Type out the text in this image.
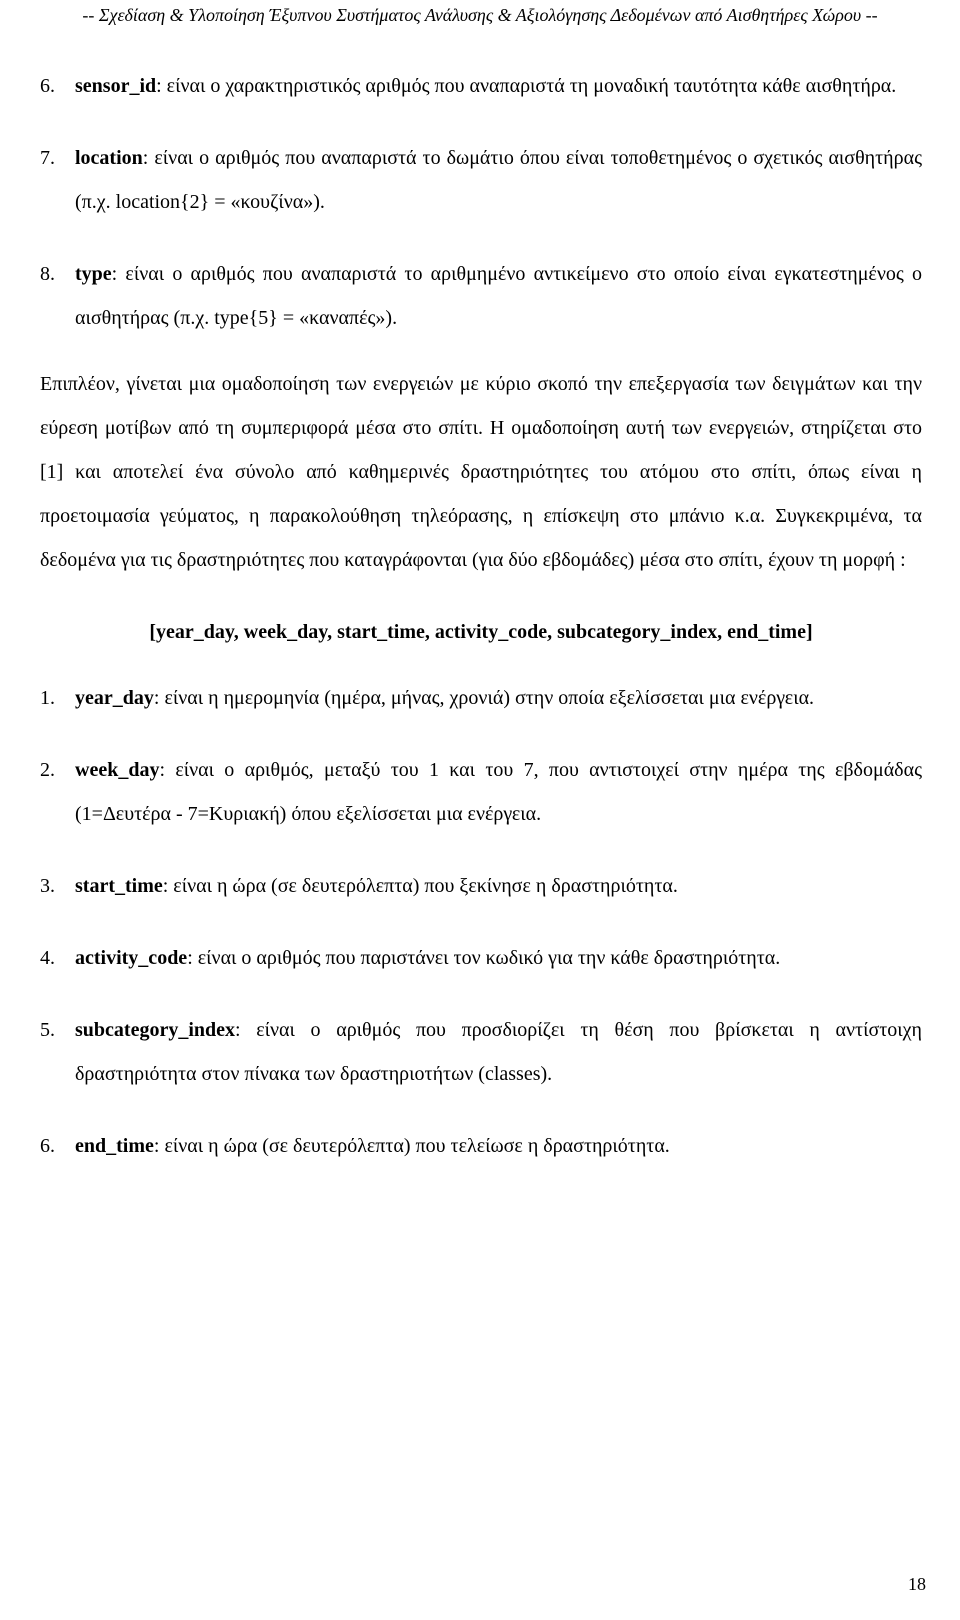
-- Σχεδίαση & Υλοποίηση Έξυπνου Συστήματος Ανάλυσης & Αξιολόγησης Δεδομένων από Αισθητήρες Χώρου --
6.	sensor_id: είναι ο χαρακτηριστικός αριθμός που αναπαριστά τη μοναδική ταυτότητα κάθε αισθητήρα.
7.	location: είναι ο αριθμός που αναπαριστά το δωμάτιο όπου είναι τοποθετημένος ο σχετικός αισθητήρας (π.χ. location{2} = «κουζίνα»).
8.	type: είναι ο αριθμός που αναπαριστά το αριθμημένο αντικείμενο στο οποίο είναι εγκατεστημένος ο αισθητήρας (π.χ. type{5} = «καναπές»).

Επιπλέον, γίνεται μια ομαδοποίηση των ενεργειών με κύριο σκοπό την επεξεργασία των δειγμάτων και την εύρεση μοτίβων από τη συμπεριφορά μέσα στο σπίτι. Η ομαδοποίηση αυτή των ενεργειών, στηρίζεται στο [1] και αποτελεί ένα σύνολο από καθημερινές δραστηριότητες του ατόμου στο σπίτι, όπως είναι η προετοιμασία γεύματος, η παρακολούθηση τηλεόρασης, η επίσκεψη στο μπάνιο κ.α. Συγκεκριμένα, τα δεδομένα για τις δραστηριότητες που καταγράφονται (για δύο εβδομάδες) μέσα στο σπίτι, έχουν τη μορφή :

[year_day, week_day, start_time, activity_code, subcategory_index, end_time]
1.	year_day: είναι η ημερομηνία (ημέρα, μήνας, χρονιά) στην οποία εξελίσσεται μια ενέργεια.
2.	week_day: είναι ο αριθμός, μεταξύ του 1 και του 7, που αντιστοιχεί στην ημέρα της εβδομάδας (1=Δευτέρα - 7=Κυριακή) όπου εξελίσσεται μια ενέργεια.
3.	start_time: είναι η ώρα (σε δευτερόλεπτα) που ξεκίνησε η δραστηριότητα.
4.	activity_code: είναι ο αριθμός που παριστάνει τον κωδικό για την κάθε δραστηριότητα.
5.	subcategory_index: είναι ο αριθμός που προσδιορίζει τη θέση που βρίσκεται η αντίστοιχη δραστηριότητα στον πίνακα των δραστηριοτήτων (classes).
6.	end_time: είναι η ώρα (σε δευτερόλεπτα) που τελείωσε η δραστηριότητα.
18
